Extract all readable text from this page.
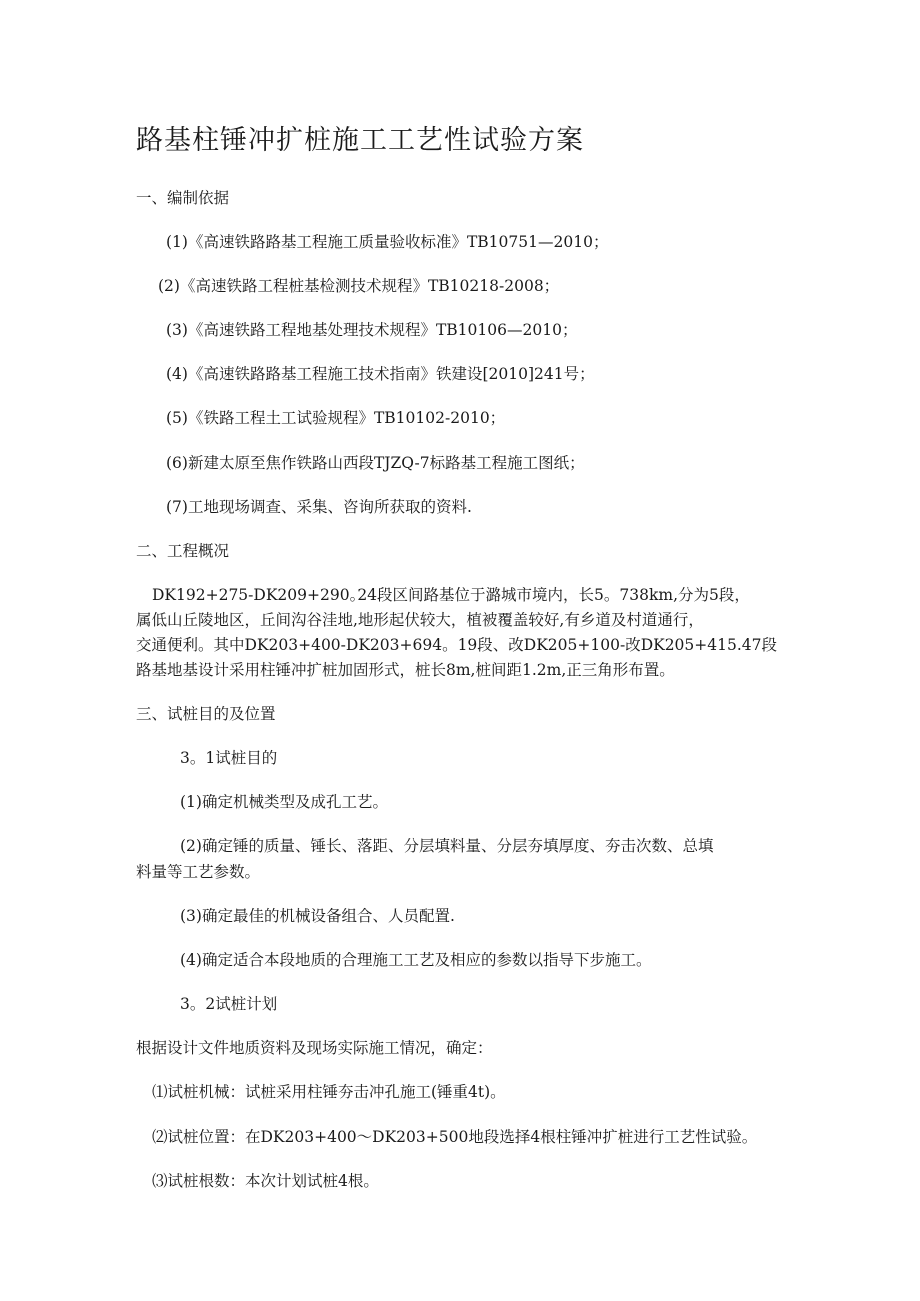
路基柱锤冲扩桩施工工艺性试验方案
一、编制依据
(1)《高速铁路路基工程施工质量验收标准》TB10751—2010；
(2)《高速铁路工程桩基检测技术规程》TB10218-2008；
(3)《高速铁路工程地基处理技术规程》TB10106—2010；
(4)《高速铁路路基工程施工技术指南》铁建设[2010]241号；
(5)《铁路工程土工试验规程》TB10102-2010；
(6)新建太原至焦作铁路山西段TJZQ-7标路基工程施工图纸；
(7)工地现场调查、采集、咨询所获取的资料.
二、工程概况
DK192+275-DK209+290｡24段区间路基位于潞城市境内，长5。738km,分为5段，
属低山丘陵地区，丘间沟谷洼地,地形起伏较大，植被覆盖较好,有乡道及村道通行，
交通便利。其中DK203+400-DK203+694。19段、改DK205+100-改DK205+415.47段
路基地基设计采用柱锤冲扩桩加固形式，桩长8m,桩间距1.2m,正三角形布置。
三、试桩目的及位置
3。1试桩目的
(1)确定机械类型及成孔工艺。
(2)确定锤的质量、锤长、落距、分层填料量、分层夯填厚度、夯击次数、总填
料量等工艺参数。
(3)确定最佳的机械设备组合、人员配置.
(4)确定适合本段地质的合理施工工艺及相应的参数以指导下步施工。
3。2试桩计划
根据设计文件地质资料及现场实际施工情况，确定：
⑴试桩机械：试桩采用柱锤夯击冲孔施工(锤重4t)。
⑵试桩位置：在DK203+400～DK203+500地段选择4根柱锤冲扩桩进行工艺性试验。
⑶试桩根数：本次计划试桩4根。
